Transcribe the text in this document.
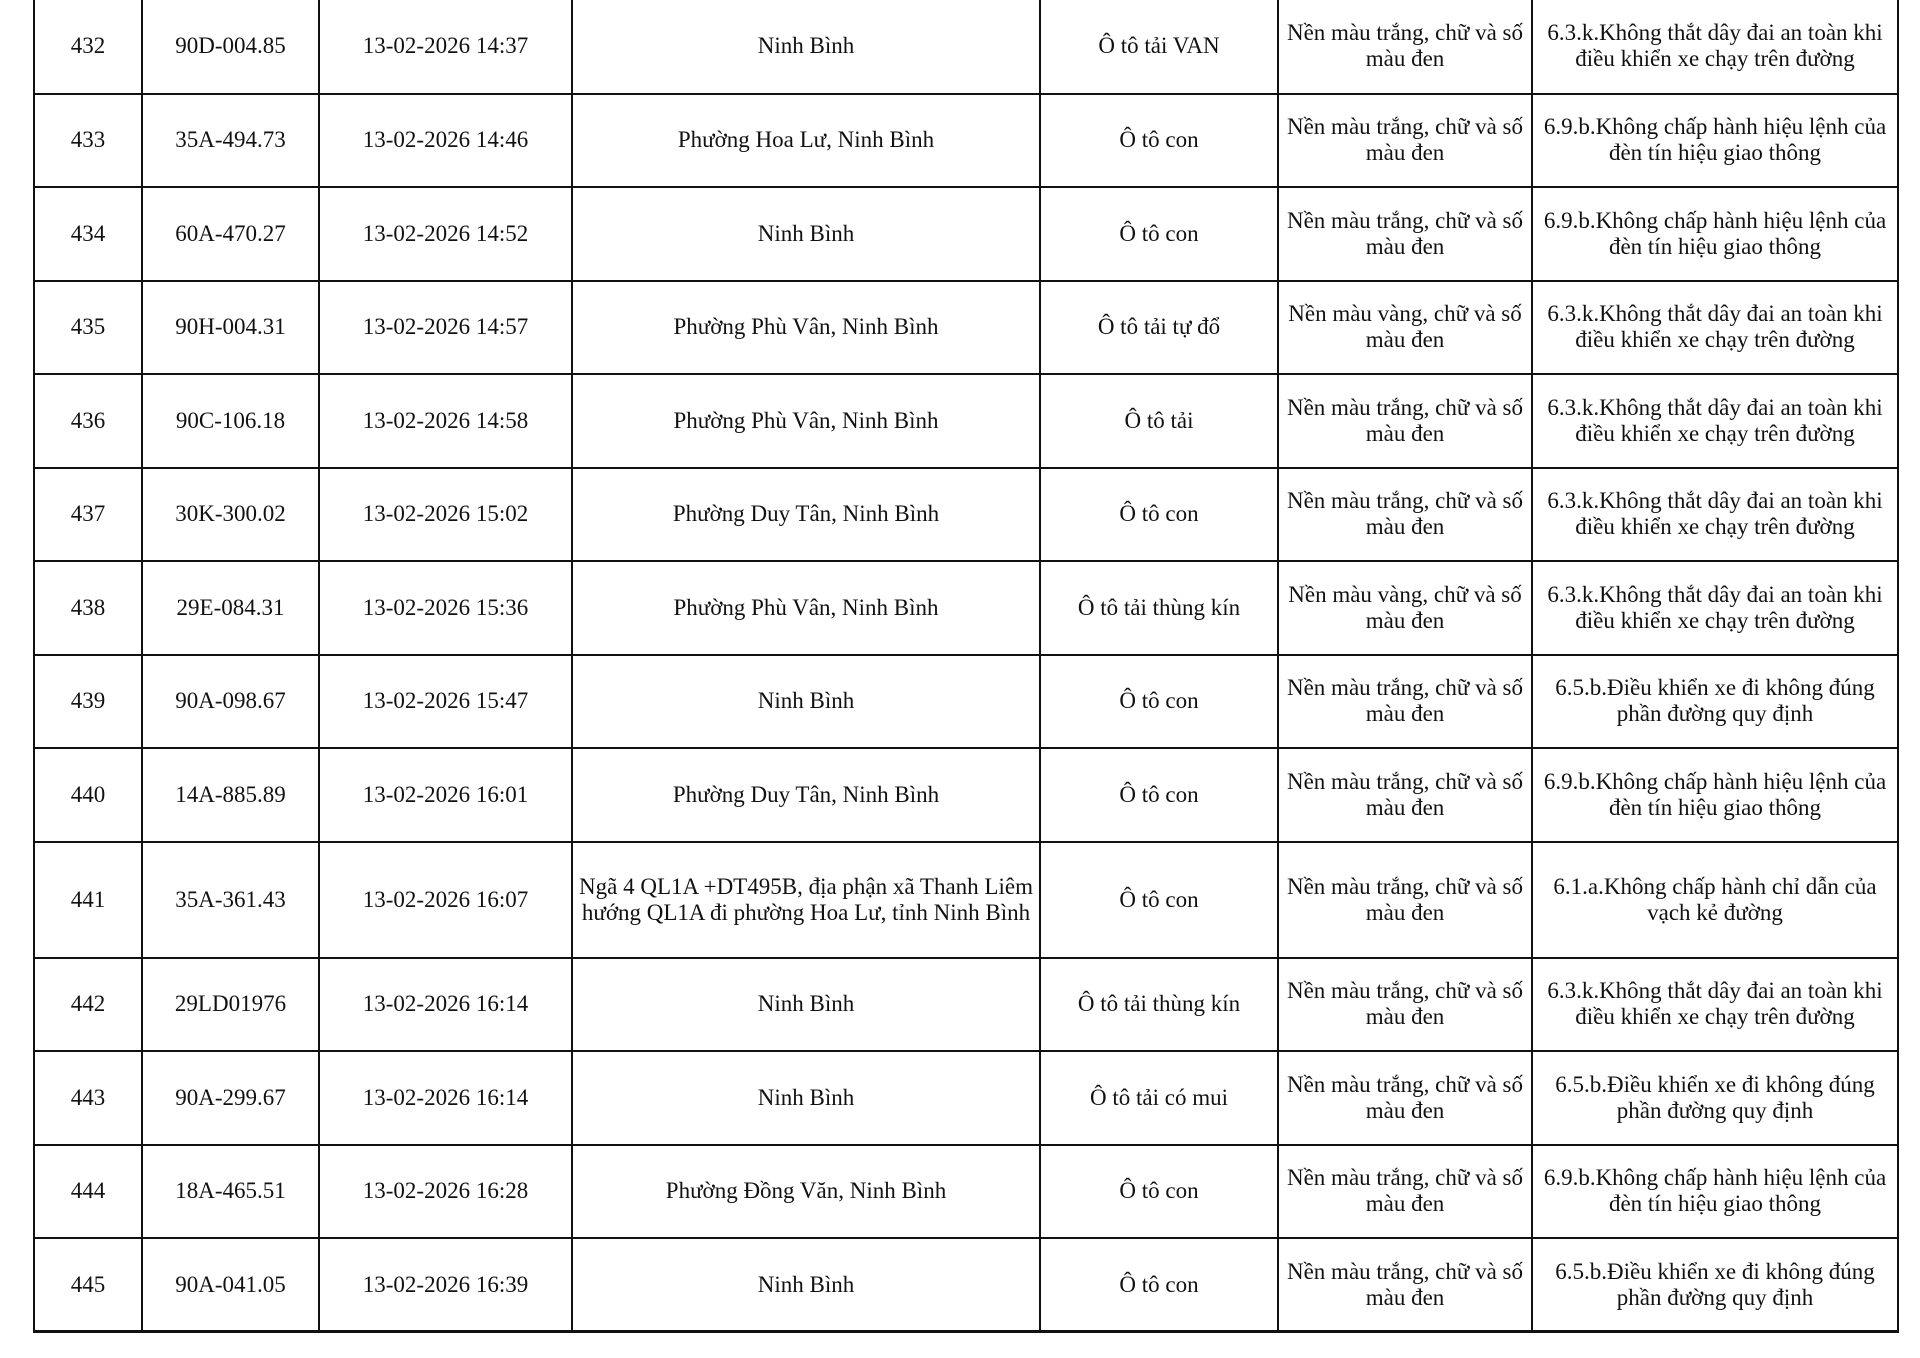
432	90D-004.85	13-02-2026 14:37	Ninh Bình	Ô tô tải VAN	Nền màu trắng, chữ và số màu đen	6.3.k.Không thắt dây đai an toàn khi điều khiển xe chạy trên đường
433	35A-494.73	13-02-2026 14:46	Phường Hoa Lư, Ninh Bình	Ô tô con	Nền màu trắng, chữ và số màu đen	6.9.b.Không chấp hành hiệu lệnh của đèn tín hiệu giao thông
434	60A-470.27	13-02-2026 14:52	Ninh Bình	Ô tô con	Nền màu trắng, chữ và số màu đen	6.9.b.Không chấp hành hiệu lệnh của đèn tín hiệu giao thông
435	90H-004.31	13-02-2026 14:57	Phường Phù Vân, Ninh Bình	Ô tô tải tự đổ	Nền màu vàng, chữ và số màu đen	6.3.k.Không thắt dây đai an toàn khi điều khiển xe chạy trên đường
436	90C-106.18	13-02-2026 14:58	Phường Phù Vân, Ninh Bình	Ô tô tải	Nền màu trắng, chữ và số màu đen	6.3.k.Không thắt dây đai an toàn khi điều khiển xe chạy trên đường
437	30K-300.02	13-02-2026 15:02	Phường Duy Tân, Ninh Bình	Ô tô con	Nền màu trắng, chữ và số màu đen	6.3.k.Không thắt dây đai an toàn khi điều khiển xe chạy trên đường
438	29E-084.31	13-02-2026 15:36	Phường Phù Vân, Ninh Bình	Ô tô tải thùng kín	Nền màu vàng, chữ và số màu đen	6.3.k.Không thắt dây đai an toàn khi điều khiển xe chạy trên đường
439	90A-098.67	13-02-2026 15:47	Ninh Bình	Ô tô con	Nền màu trắng, chữ và số màu đen	6.5.b.Điều khiển xe đi không đúng phần đường quy định
440	14A-885.89	13-02-2026 16:01	Phường Duy Tân, Ninh Bình	Ô tô con	Nền màu trắng, chữ và số màu đen	6.9.b.Không chấp hành hiệu lệnh của đèn tín hiệu giao thông
441	35A-361.43	13-02-2026 16:07	Ngã 4 QL1A +DT495B, địa phận xã Thanh Liêm hướng QL1A đi phường Hoa Lư, tỉnh Ninh Bình	Ô tô con	Nền màu trắng, chữ và số màu đen	6.1.a.Không chấp hành chỉ dẫn của vạch kẻ đường
442	29LD01976	13-02-2026 16:14	Ninh Bình	Ô tô tải thùng kín	Nền màu trắng, chữ và số màu đen	6.3.k.Không thắt dây đai an toàn khi điều khiển xe chạy trên đường
443	90A-299.67	13-02-2026 16:14	Ninh Bình	Ô tô tải có mui	Nền màu trắng, chữ và số màu đen	6.5.b.Điều khiển xe đi không đúng phần đường quy định
444	18A-465.51	13-02-2026 16:28	Phường Đồng Văn, Ninh Bình	Ô tô con	Nền màu trắng, chữ và số màu đen	6.9.b.Không chấp hành hiệu lệnh của đèn tín hiệu giao thông
445	90A-041.05	13-02-2026 16:39	Ninh Bình	Ô tô con	Nền màu trắng, chữ và số màu đen	6.5.b.Điều khiển xe đi không đúng phần đường quy định
